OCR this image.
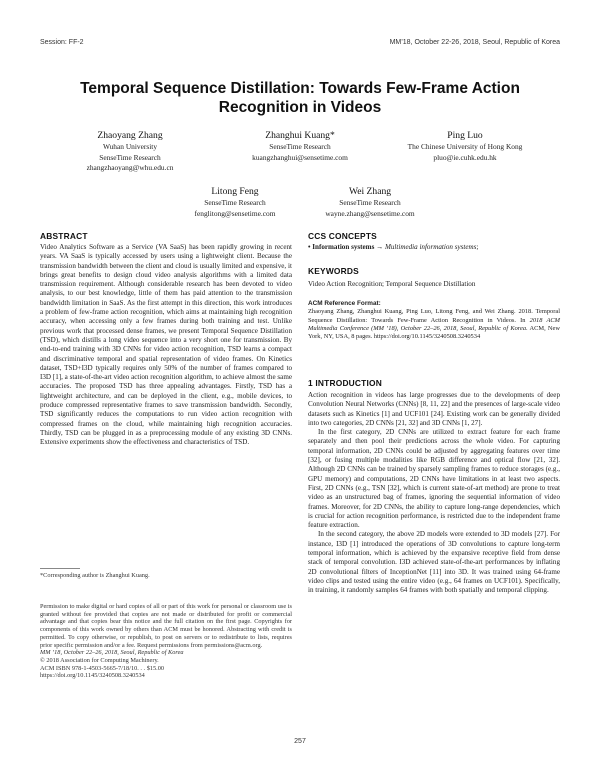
Session: FF-2	MM’18, October 22-26, 2018, Seoul, Republic of Korea
Temporal Sequence Distillation: Towards Few-Frame Action Recognition in Videos
Zhaoyang Zhang
Wuhan University
SenseTime Research
zhangzhaoyang@whu.edu.cn
Zhanghui Kuang*
SenseTime Research
kuangzhanghui@sensetime.com
Ping Luo
The Chinese University of Hong Kong
pluo@ie.cuhk.edu.hk
Litong Feng
SenseTime Research
fenglitong@sensetime.com
Wei Zhang
SenseTime Research
wayne.zhang@sensetime.com
ABSTRACT

Video Analytics Software as a Service (VA SaaS) has been rapidly growing in recent years. VA SaaS is typically accessed by users using a lightweight client. Because the transmission bandwidth between the client and cloud is usually limited and expensive, it brings great benefits to design cloud video analysis algorithms with a limited data transmission requirement. Although considerable research has been devoted to video analysis, to our best knowledge, little of them has paid attention to the transmission bandwidth limitation in SaaS. As the first attempt in this direction, this work introduces a problem of few-frame action recognition, which aims at maintaining high recognition accuracy, when accessing only a few frames during both training and test. Unlike previous work that processed dense frames, we present Temporal Sequence Distillation (TSD), which distills a long video sequence into a very short one for transmission. By end-to-end training with 3D CNNs for video action recognition, TSD learns a compact and discriminative temporal and spatial representation of video frames. On Kinetics dataset, TSD+I3D typically requires only 50% of the number of frames compared to I3D [1], a state-of-the-art video action recognition algorithm, to achieve almost the same accuracies. The proposed TSD has three appealing advantages. Firstly, TSD has a lightweight architecture, and can be deployed in the client, e.g., mobile devices, to produce compressed representative frames to save transmission bandwidth. Secondly, TSD significantly reduces the computations to run video action recognition with compressed frames on the cloud, while maintaining high recognition accuracies. Thirdly, TSD can be plugged in as a preprocessing module of any existing 3D CNNs. Extensive experiments show the effectiveness and characteristics of TSD.

*Corresponding author is Zhanghui Kuang.
Permission to make digital or hard copies of all or part of this work for personal or classroom use is granted without fee provided that copies are not made or distributed for profit or commercial advantage and that copies bear this notice and the full citation on the first page. Copyrights for components of this work owned by others than ACM must be honored. Abstracting with credit is permitted. To copy otherwise, or republish, to post on servers or to redistribute to lists, requires prior specific permission and/or a fee. Request permissions from permissions@acm.org.
MM ’18, October 22–26, 2018, Seoul, Republic of Korea
© 2018 Association for Computing Machinery.
ACM ISBN 978-1-4503-5665-7/18/10. . . $15.00
https://doi.org/10.1145/3240508.3240534
CCS CONCEPTS
• Information systems → Multimedia information systems;
KEYWORDS
Video Action Recognition; Temporal Sequence Distillation
ACM Reference Format:
Zhaoyang Zhang, Zhanghui Kuang, Ping Luo, Litong Feng, and Wei Zhang. 2018. Temporal Sequence Distillation: Towards Few-Frame Action Recognition in Videos. In 2018 ACM Multimedia Conference (MM ’18), October 22–26, 2018, Seoul, Republic of Korea. ACM, New York, NY, USA, 8 pages. https://doi.org/10.1145/3240508.3240534
1 INTRODUCTION

Action recognition in videos has large progresses due to the developments of deep Convolution Neural Networks (CNNs) [8, 11, 22] and the presences of large-scale video datasets such as Kinetics [1] and UCF101 [24]. Existing work can be generally divided into two categories, 2D CNNs [21, 32] and 3D CNNs [1, 27].

In the first category, 2D CNNs are utilized to extract feature for each frame separately and then pool their predictions across the whole video. For capturing temporal information, 2D CNNs could be adjusted by aggregating features over time [32], or fusing multiple modalities like RGB difference and optical flow [21, 32]. Although 2D CNNs can be trained by sparsely sampling frames to reduce storages (e.g., GPU memory) and computations, 2D CNNs have limitations in at least two aspects. First, 2D CNNs (e.g., TSN [32], which is current state-of-art method) are prone to treat video as an unstructured bag of frames, ignoring the sequential information of video frames. Moreover, for 2D CNNs, the ability to capture long-range dependencies, which is crucial for action recognition performance, is restricted due to the independent frame feature extraction.

In the second category, the above 2D models were extended to 3D models [27]. For instance, I3D [1] introduced the operations of 3D convolutions to capture long-term temporal information, which is achieved by the expansive receptive field from dense stack of temporal convolution. I3D achieved state-of-the-art performances by inflating 2D convolutional filters of InceptionNet [11] into 3D. It was trained using 64-frame video clips and tested using the entire video (e.g., 64 frames on UCF101). Specifically, in training, it randomly samples 64 frames with both spatially and temporal clipping.

257
